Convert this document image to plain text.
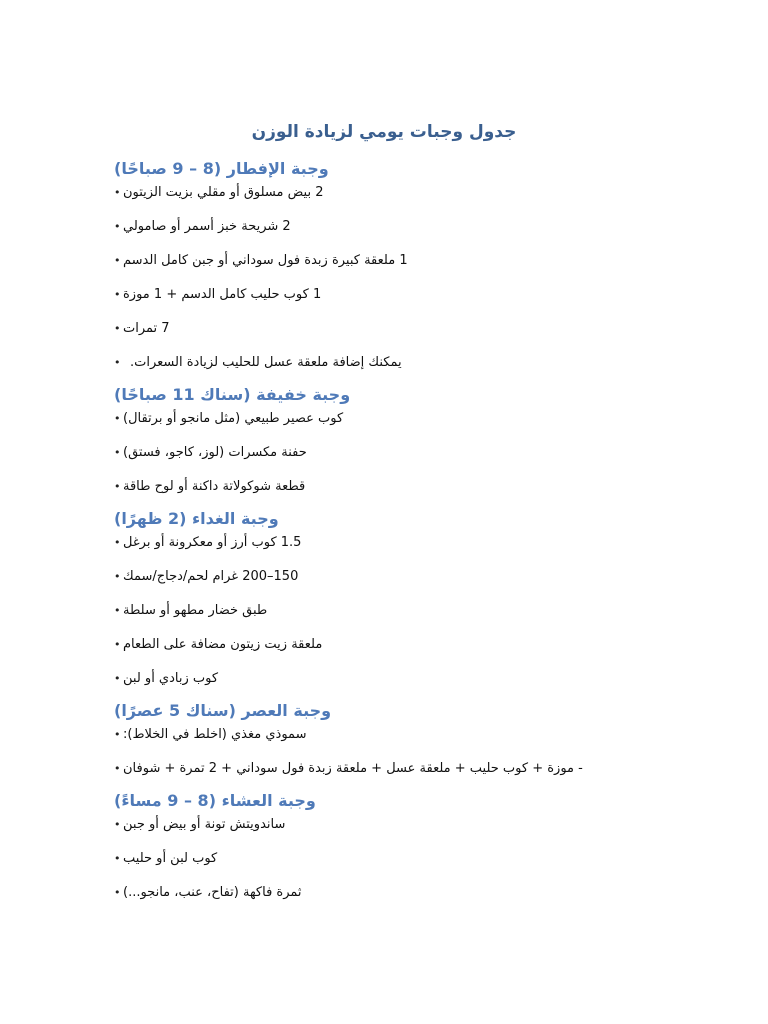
جدول وجبات يومي لزيادة الوزن
وجبة الإفطار (8 – 9 صباحًا)
• 2 بيض مسلوق أو مقلي بزيت الزيتون
• 2 شريحة خبز أسمر أو صامولي
• 1 ملعقة كبيرة زبدة فول سوداني أو جبن كامل الدسم
• 1 كوب حليب كامل الدسم + 1 موزة
• 7 تمرات
• يمكنك إضافة ملعقة عسل للحليب لزيادة السعرات.
وجبة خفيفة (سناك 11 صباحًا)
• كوب عصير طبيعي (مثل مانجو أو برتقال)
• حفنة مكسرات (لوز، كاجو، فستق)
• قطعة شوكولاتة داكنة أو لوح طاقة
وجبة الغداء (2 ظهرًا)
• 1.5 كوب أرز أو معكرونة أو برغل
• 150–200 غرام لحم/دجاج/سمك
• طبق خضار مطهو أو سلطة
• ملعقة زيت زيتون مضافة على الطعام
• كوب زبادي أو لبن
وجبة العصر (سناك 5 عصرًا)
• سموذي مغذي (اخلط في الخلاط):
• - موزة + كوب حليب + ملعقة عسل + ملعقة زبدة فول سوداني + 2 تمرة + شوفان
وجبة العشاء (8 – 9 مساءً)
• ساندويتش تونة أو بيض أو جبن
• كوب لبن أو حليب
• ثمرة فاكهة (تفاح، عنب، مانجو...)
